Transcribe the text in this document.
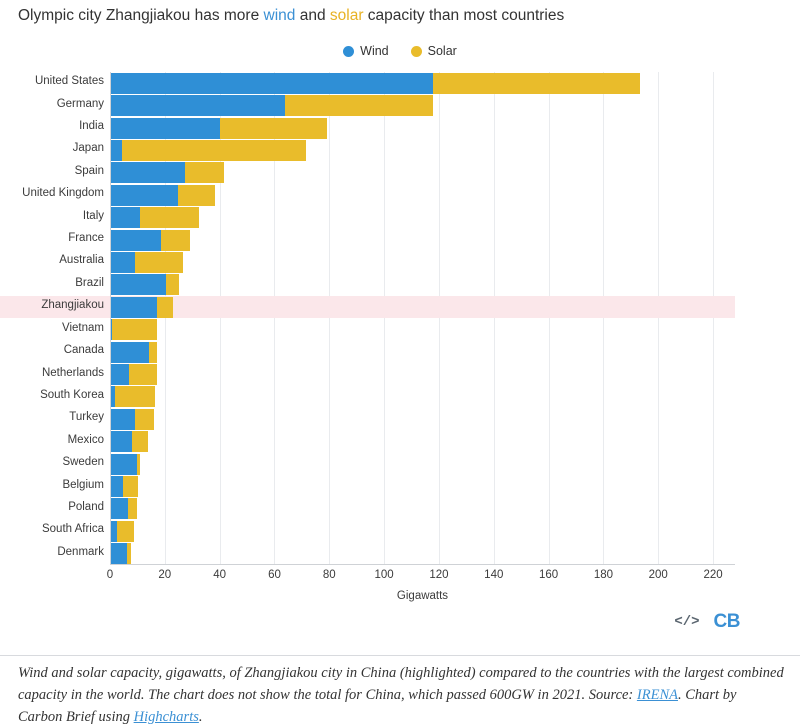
Olympic city Zhangjiakou has more wind and solar capacity than most countries
Wind	Solar
United States
Germany
India
Japan
Spain
United Kingdom
Italy
France
Australia
Brazil
Zhangjiakou
Vietnam
Canada
Netherlands
South Korea
Turkey
Mexico
Sweden
Belgium
Poland
South Africa
Denmark
0	20	40	60	80	100	120	140	160	180	200	220
Gigawatts
</> CB
Wind and solar capacity, gigawatts, of Zhangjiakou city in China (highlighted) compared to the countries with the largest combined capacity in the world. The chart does not show the total for China, which passed 600GW in 2021. Source: IRENA. Chart by Carbon Brief using Highcharts.
